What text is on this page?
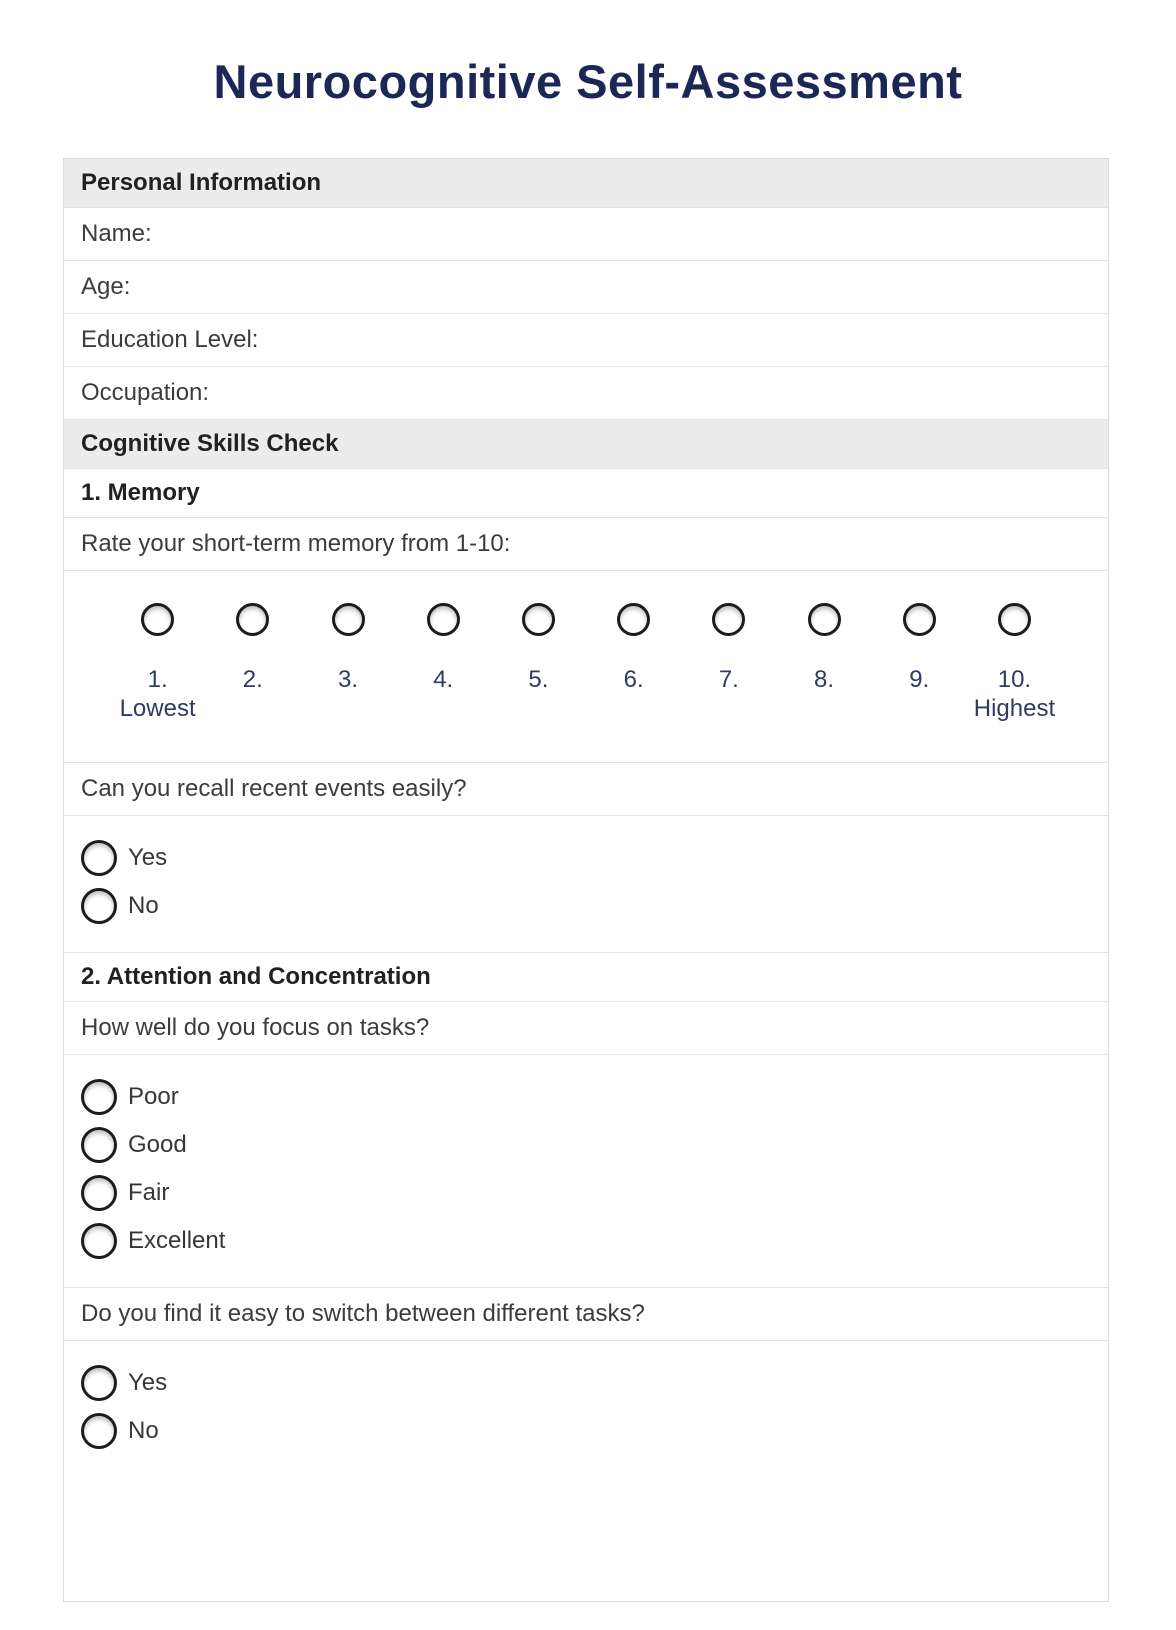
Neurocognitive Self-Assessment
Personal Information
Name:
Age:
Education Level:
Occupation:
Cognitive Skills Check
1. Memory
Rate your short-term memory from 1-10:
1.
Lowest
2.	3.	4.	5.	6.	7.	8.	9.	10.
Highest
Can you recall recent events easily?
Yes
No
2. Attention and Concentration
How well do you focus on tasks?
Poor
Good
Fair
Excellent
Do you find it easy to switch between different tasks?
Yes
No
